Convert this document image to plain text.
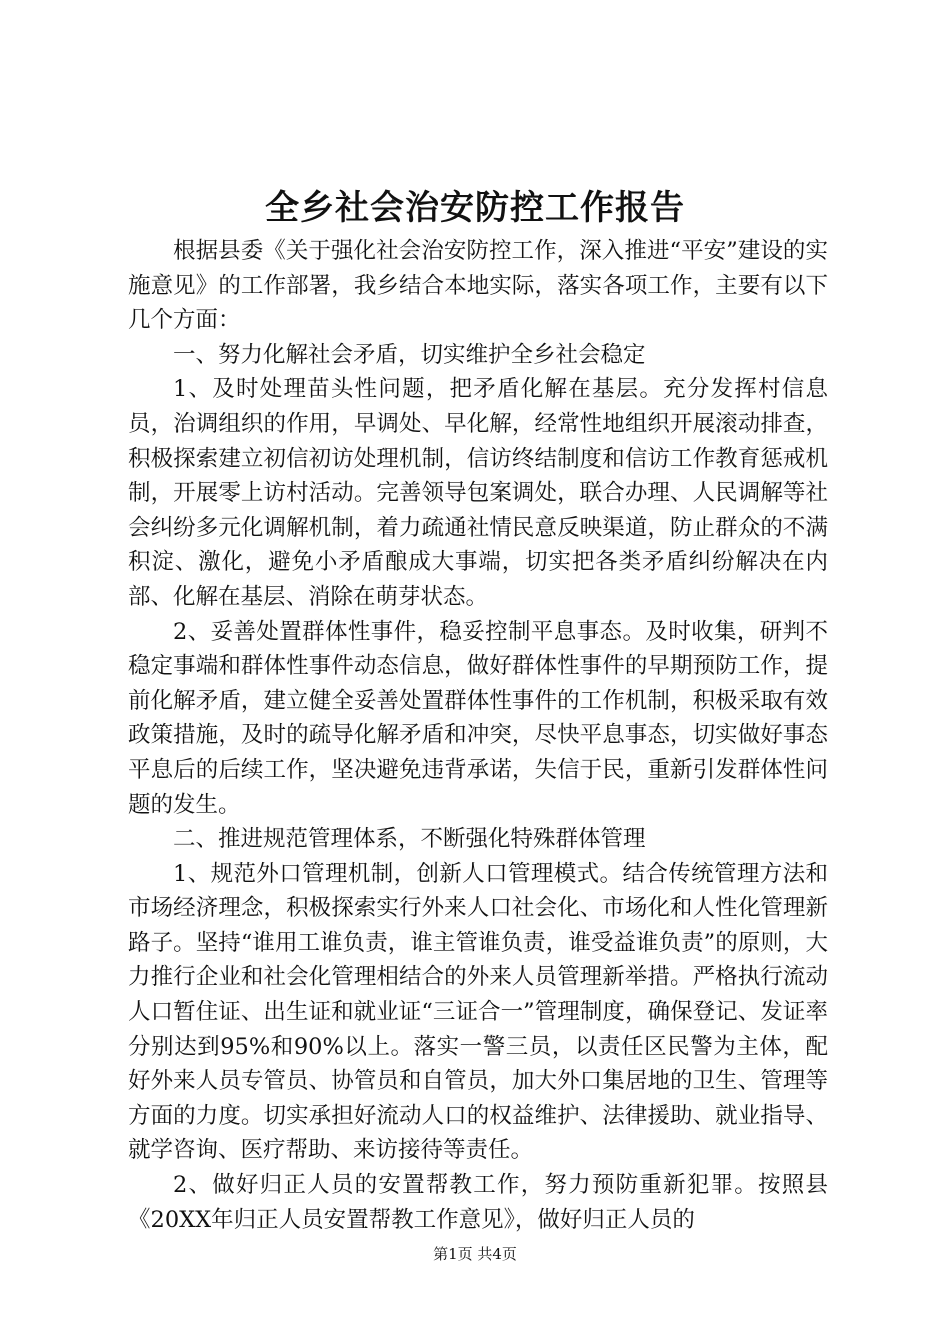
全乡社会治安防控工作报告

根据县委《关于强化社会治安防控工作，深入推进“平安”建设的实施意见》的工作部署，我乡结合本地实际，落实各项工作，主要有以下几个方面：

一、努力化解社会矛盾，切实维护全乡社会稳定

1、及时处理苗头性问题，把矛盾化解在基层。充分发挥村信息员，治调组织的作用，早调处、早化解，经常性地组织开展滚动排查，积极探索建立初信初访处理机制，信访终结制度和信访工作教育惩戒机制，开展零上访村活动。完善领导包案调处，联合办理、人民调解等社会纠纷多元化调解机制，着力疏通社情民意反映渠道，防止群众的不满积淀、激化，避免小矛盾酿成大事端，切实把各类矛盾纠纷解决在内部、化解在基层、消除在萌芽状态。

2、妥善处置群体性事件，稳妥控制平息事态。及时收集，研判不稳定事端和群体性事件动态信息，做好群体性事件的早期预防工作，提前化解矛盾，建立健全妥善处置群体性事件的工作机制，积极采取有效政策措施，及时的疏导化解矛盾和冲突，尽快平息事态，切实做好事态平息后的后续工作，坚决避免违背承诺，失信于民，重新引发群体性问题的发生。

二、推进规范管理体系，不断强化特殊群体管理

1、规范外口管理机制，创新人口管理模式。结合传统管理方法和市场经济理念，积极探索实行外来人口社会化、市场化和人性化管理新路子。坚持“谁用工谁负责，谁主管谁负责，谁受益谁负责”的原则，大力推行企业和社会化管理相结合的外来人员管理新举措。严格执行流动人口暂住证、出生证和就业证“三证合一”管理制度，确保登记、发证率分别达到95%和90%以上。落实一警三员，以责任区民警为主体，配好外来人员专管员、协管员和自管员，加大外口集居地的卫生、管理等方面的力度。切实承担好流动人口的权益维护、法律援助、就业指导、就学咨询、医疗帮助、来访接待等责任。

2、做好归正人员的安置帮教工作，努力预防重新犯罪。按照县《20XX年归正人员安置帮教工作意见》，做好归正人员的

第1页 共4页
